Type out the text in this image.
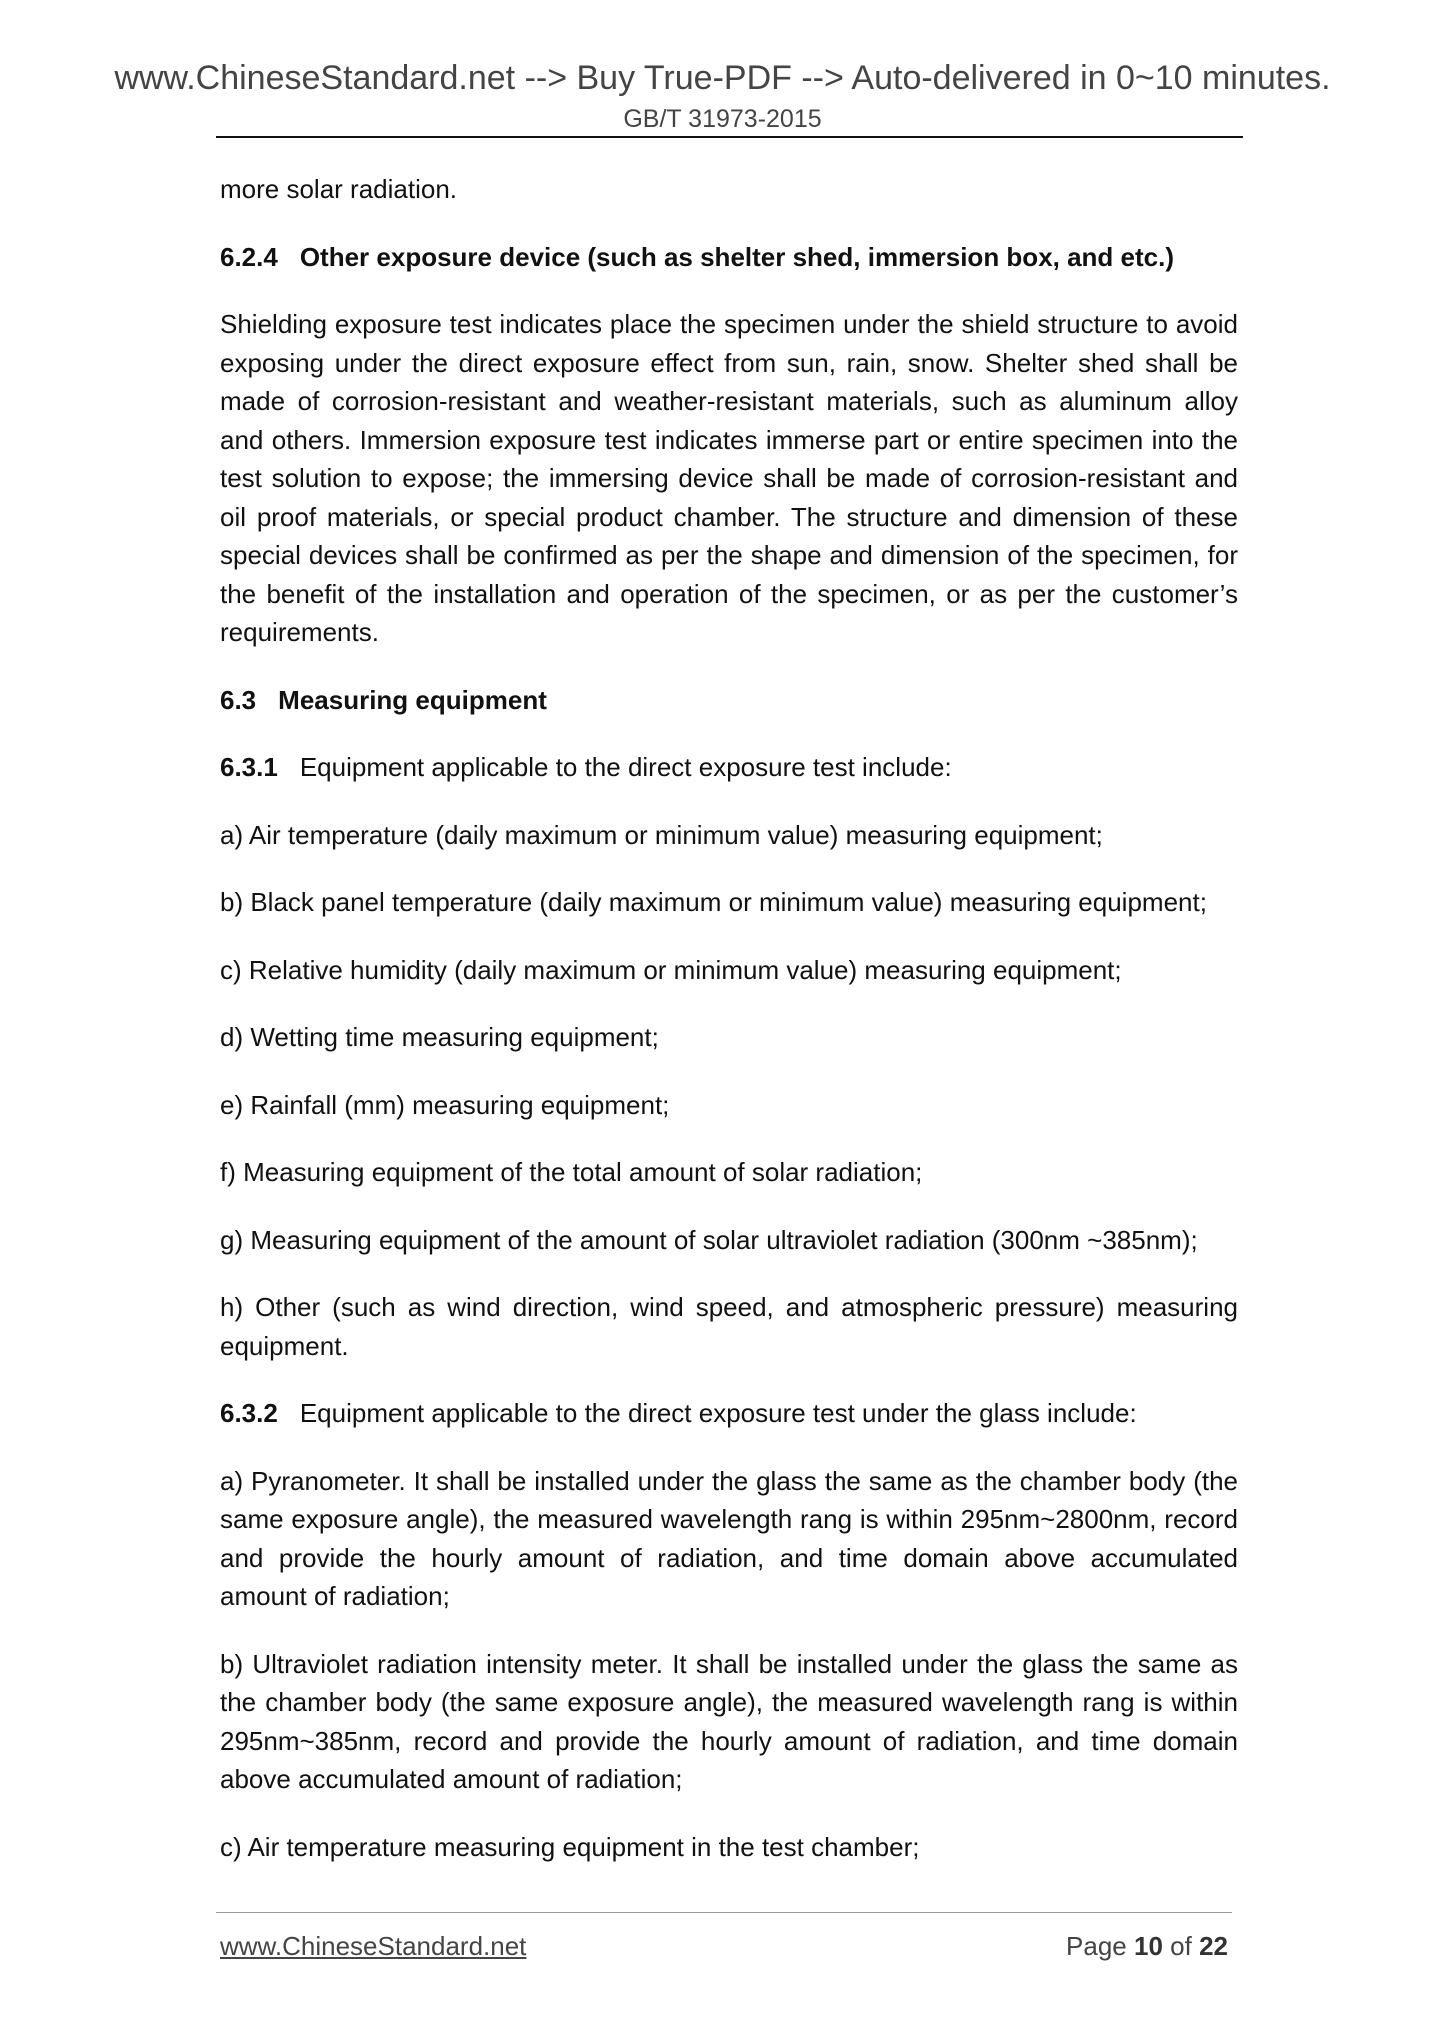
www.ChineseStandard.net --> Buy True-PDF --> Auto-delivered in 0~10 minutes.
GB/T 31973-2015

more solar radiation.

6.2.4 Other exposure device (such as shelter shed, immersion box, and etc.)

Shielding exposure test indicates place the specimen under the shield structure to avoid exposing under the direct exposure effect from sun, rain, snow. Shelter shed shall be made of corrosion-resistant and weather-resistant materials, such as aluminum alloy and others. Immersion exposure test indicates immerse part or entire specimen into the test solution to expose; the immersing device shall be made of corrosion-resistant and oil proof materials, or special product chamber. The structure and dimension of these special devices shall be confirmed as per the shape and dimension of the specimen, for the benefit of the installation and operation of the specimen, or as per the customer’s requirements.

6.3 Measuring equipment

6.3.1 Equipment applicable to the direct exposure test include:

a) Air temperature (daily maximum or minimum value) measuring equipment;

b) Black panel temperature (daily maximum or minimum value) measuring equipment;

c) Relative humidity (daily maximum or minimum value) measuring equipment;

d) Wetting time measuring equipment;

e) Rainfall (mm) measuring equipment;

f) Measuring equipment of the total amount of solar radiation;

g) Measuring equipment of the amount of solar ultraviolet radiation (300nm ~385nm);

h) Other (such as wind direction, wind speed, and atmospheric pressure) measuring equipment.

6.3.2 Equipment applicable to the direct exposure test under the glass include:

a) Pyranometer. It shall be installed under the glass the same as the chamber body (the same exposure angle), the measured wavelength rang is within 295nm~2800nm, record and provide the hourly amount of radiation, and time domain above accumulated amount of radiation;

b) Ultraviolet radiation intensity meter. It shall be installed under the glass the same as the chamber body (the same exposure angle), the measured wavelength rang is within 295nm~385nm, record and provide the hourly amount of radiation, and time domain above accumulated amount of radiation;

c) Air temperature measuring equipment in the test chamber;

www.ChineseStandard.net	Page 10 of 22
